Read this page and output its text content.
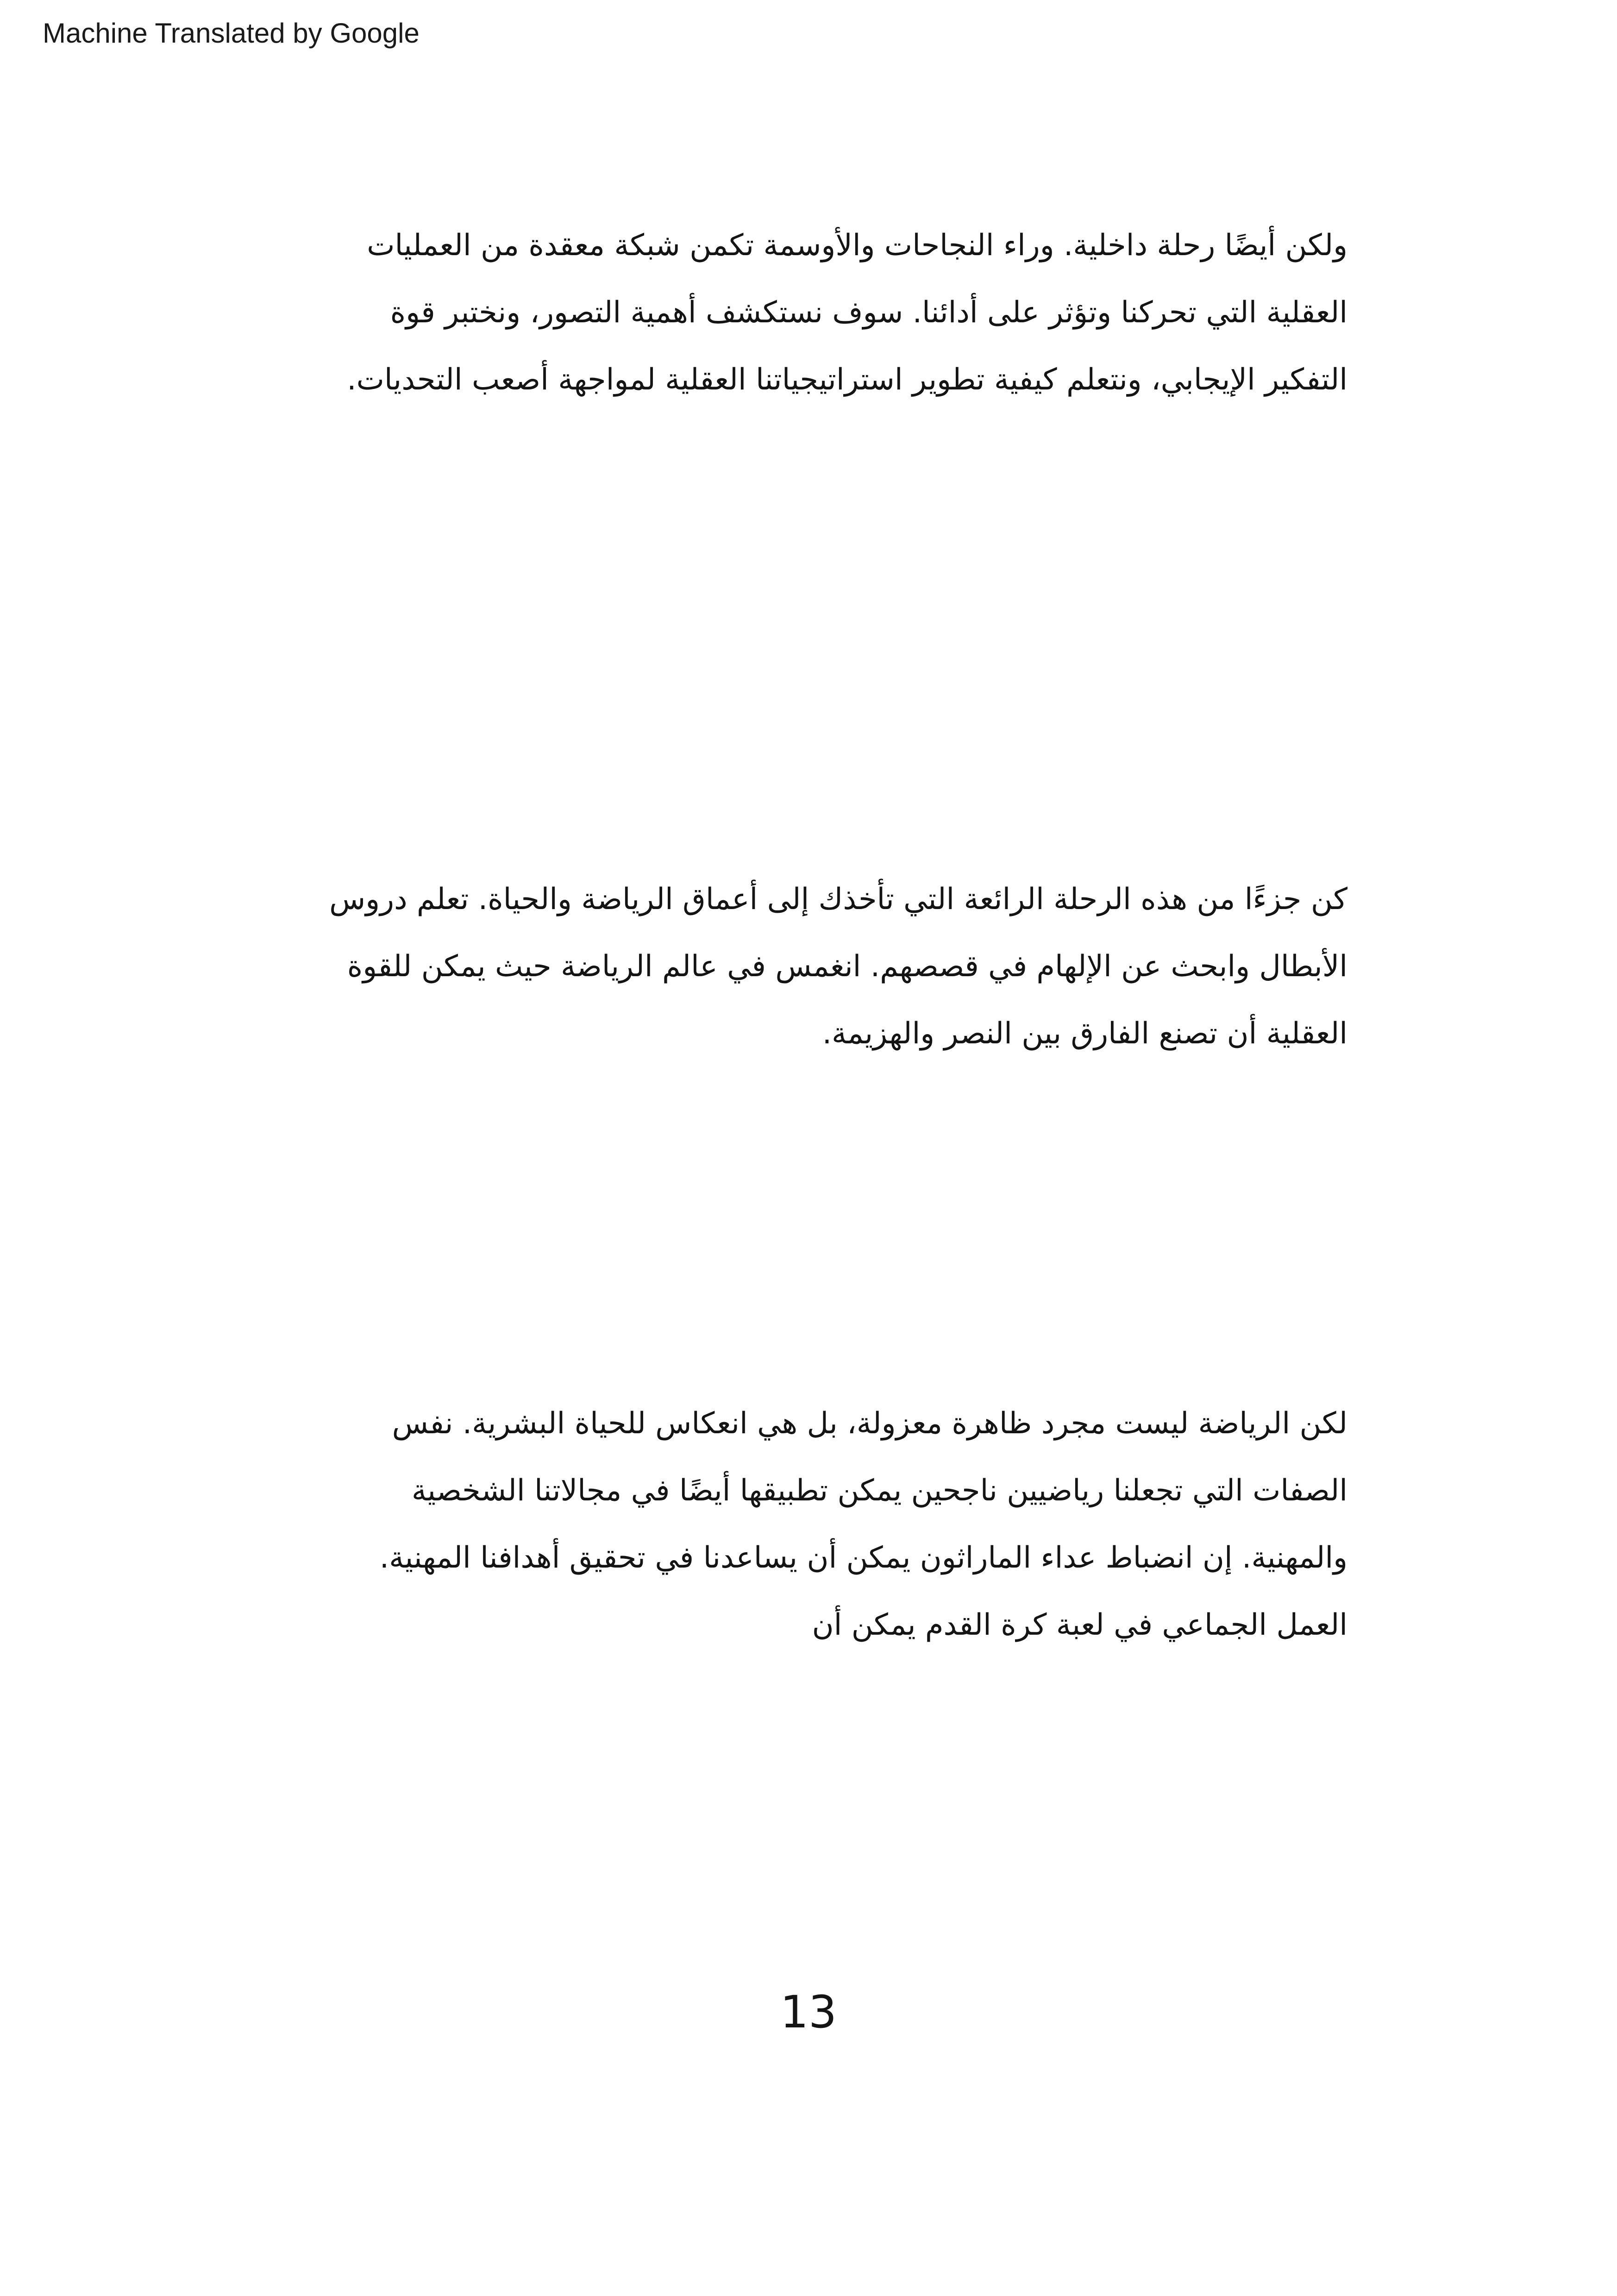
Machine Translated by Google
ولكن أيضًا رحلة داخلية. وراء النجاحات والأوسمة تكمن شبكة معقدة من العمليات
العقلية التي تحركنا وتؤثر على أدائنا. سوف نستكشف أهمية التصور، ونختبر قوة
التفكير الإيجابي، ونتعلم كيفية تطوير استراتيجياتنا العقلية لمواجهة أصعب التحديات.
كن جزءًا من هذه الرحلة الرائعة التي تأخذك إلى أعماق الرياضة والحياة. تعلم دروس
الأبطال وابحث عن الإلهام في قصصهم. انغمس في عالم الرياضة حيث يمكن للقوة
العقلية أن تصنع الفارق بين النصر والهزيمة.
لكن الرياضة ليست مجرد ظاهرة معزولة، بل هي انعكاس للحياة البشرية. نفس
الصفات التي تجعلنا رياضيين ناجحين يمكن تطبيقها أيضًا في مجالاتنا الشخصية
والمهنية. إن انضباط عداء الماراثون يمكن أن يساعدنا في تحقيق أهدافنا المهنية.
العمل الجماعي في لعبة كرة القدم يمكن أن
13
